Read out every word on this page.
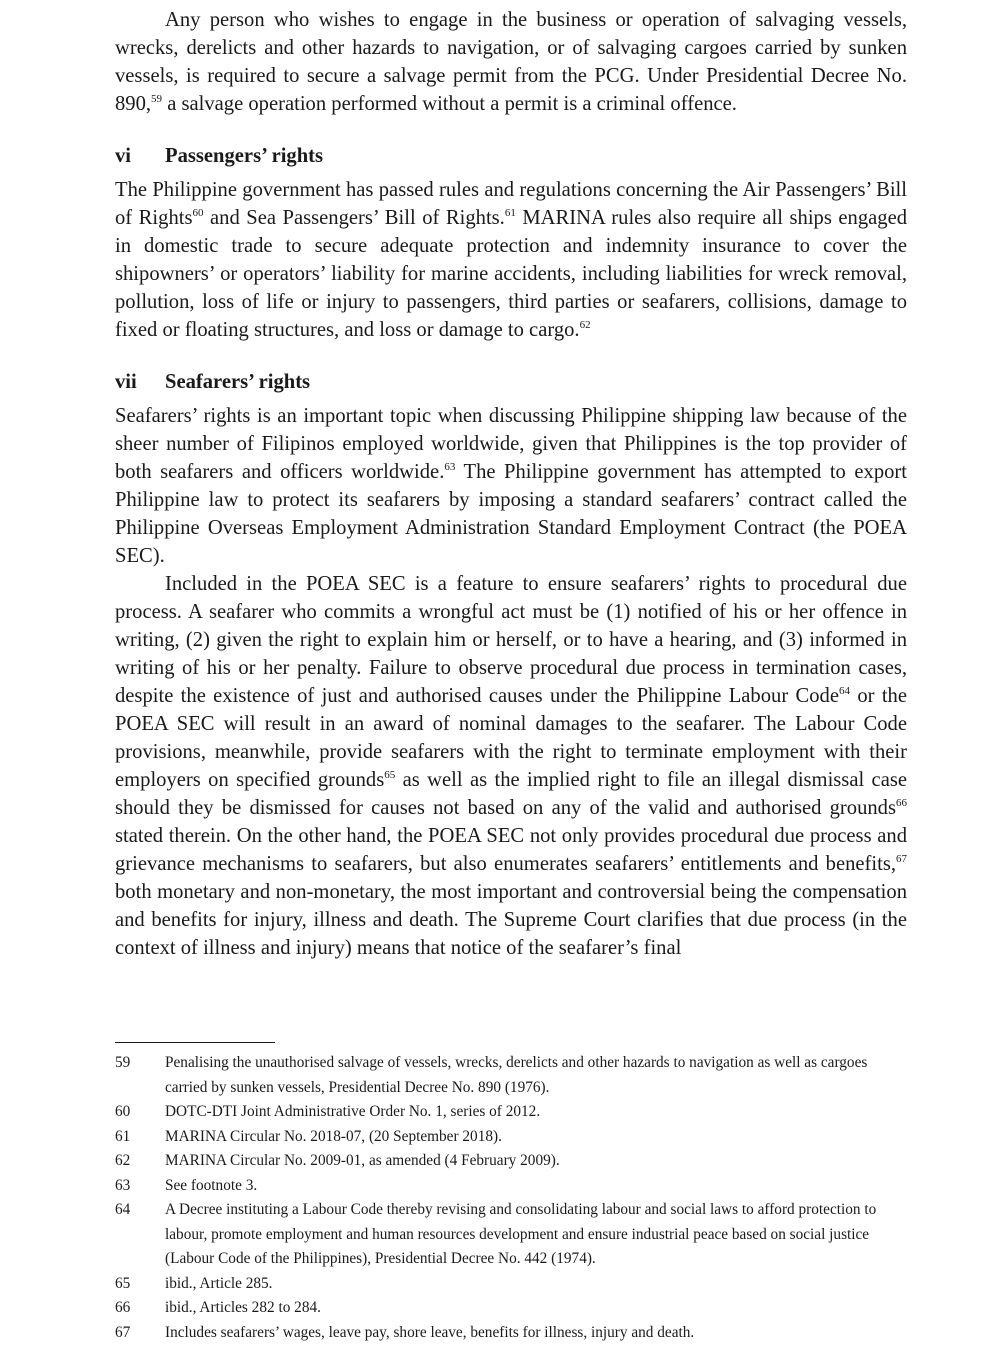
Any person who wishes to engage in the business or operation of salvaging vessels, wrecks, derelicts and other hazards to navigation, or of salvaging cargoes carried by sunken vessels, is required to secure a salvage permit from the PCG. Under Presidential Decree No. 890,59 a salvage operation performed without a permit is a criminal offence.

vi	Passengers’ rights

The Philippine government has passed rules and regulations concerning the Air Passengers’ Bill of Rights$^{60}$ and Sea Passengers’ Bill of Rights.$^{61}$ MARINA rules also require all ships engaged in domestic trade to secure adequate protection and indemnity insurance to cover the shipowners’ or operators’ liability for marine accidents, including liabilities for wreck removal, pollution, loss of life or injury to passengers, third parties or seafarers, collisions, damage to fixed or floating structures, and loss or damage to cargo.$^{62}$

vii	Seafarers’ rights

Seafarers’ rights is an important topic when discussing Philippine shipping law because of the sheer number of Filipinos employed worldwide, given that Philippines is the top provider of both seafarers and officers worldwide.$^{63}$ The Philippine government has attempted to export Philippine law to protect its seafarers by imposing a standard seafarers’ contract called the Philippine Overseas Employment Administration Standard Employment Contract (the POEA SEC).

Included in the POEA SEC is a feature to ensure seafarers’ rights to procedural due process. A seafarer who commits a wrongful act must be (1) notified of his or her offence in writing, (2) given the right to explain him or herself, or to have a hearing, and (3) informed in writing of his or her penalty. Failure to observe procedural due process in termination cases, despite the existence of just and authorised causes under the Philippine Labour Code$^{64}$ or the POEA SEC will result in an award of nominal damages to the seafarer. The Labour Code provisions, meanwhile, provide seafarers with the right to terminate employment with their employers on specified grounds$^{65}$ as well as the implied right to file an illegal dismissal case should they be dismissed for causes not based on any of the valid and authorised grounds$^{66}$ stated therein. On the other hand, the POEA SEC not only provides procedural due process and grievance mechanisms to seafarers, but also enumerates seafarers’ entitlements and benefits,$^{67}$ both monetary and non-monetary, the most important and controversial being the compensation and benefits for injury, illness and death. The Supreme Court clarifies that due process (in the context of illness and injury) means that notice of the seafarer’s final

59	Penalising the unauthorised salvage of vessels, wrecks, derelicts and other hazards to navigation as well as cargoes carried by sunken vessels, Presidential Decree No. 890 (1976).
60	DOTC-DTI Joint Administrative Order No. 1, series of 2012.
61	MARINA Circular No. 2018-07, (20 September 2018).
62	MARINA Circular No. 2009-01, as amended (4 February 2009).
63	See footnote 3.
64	A Decree instituting a Labour Code thereby revising and consolidating labour and social laws to afford protection to labour, promote employment and human resources development and ensure industrial peace based on social justice (Labour Code of the Philippines), Presidential Decree No. 442 (1974).
65	ibid., Article 285.
66	ibid., Articles 282 to 284.
67	Includes seafarers’ wages, leave pay, shore leave, benefits for illness, injury and death.
